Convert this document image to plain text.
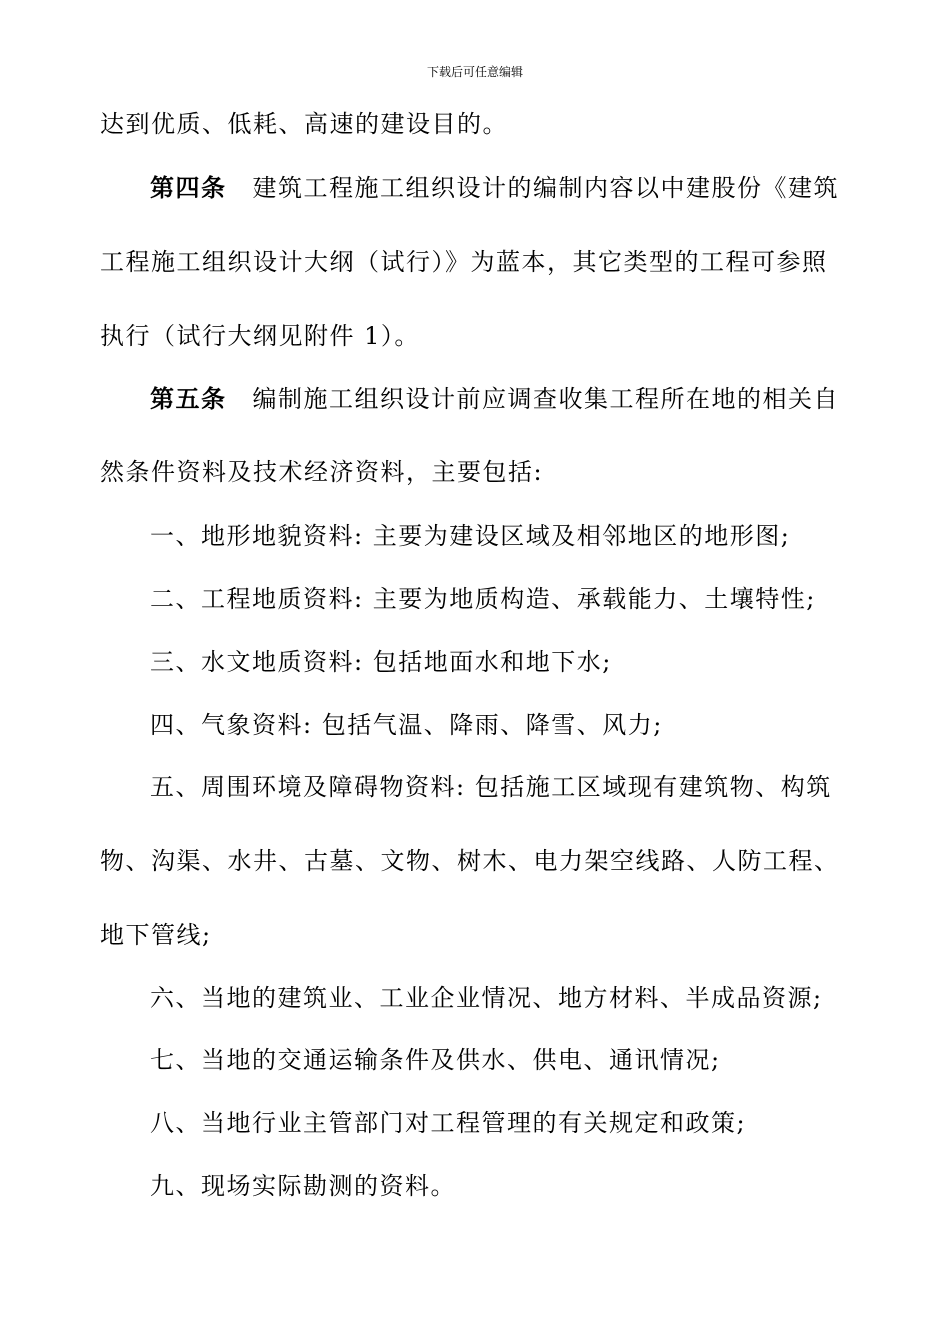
下载后可任意编辑
达到优质、低耗、高速的建设目的。
第四条 建筑工程施工组织设计的编制内容以中建股份《建筑
工程施工组织设计大纲（试行）》为蓝本，其它类型的工程可参照
执行（试行大纲见附件 1）。
第五条 编制施工组织设计前应调查收集工程所在地的相关自
然条件资料及技术经济资料，主要包括:
一、地形地貌资料: 主要为建设区域及相邻地区的地形图;
二、工程地质资料: 主要为地质构造、承载能力、土壤特性;
三、水文地质资料: 包括地面水和地下水;
四、气象资料: 包括气温、降雨、降雪、风力;
五、周围环境及障碍物资料: 包括施工区域现有建筑物、构筑
物、沟渠、水井、古墓、文物、树木、电力架空线路、人防工程、
地下管线;
六、当地的建筑业、工业企业情况、地方材料、半成品资源;
七、当地的交通运输条件及供水、供电、通讯情况;
八、当地行业主管部门对工程管理的有关规定和政策;
九、现场实际勘测的资料。
